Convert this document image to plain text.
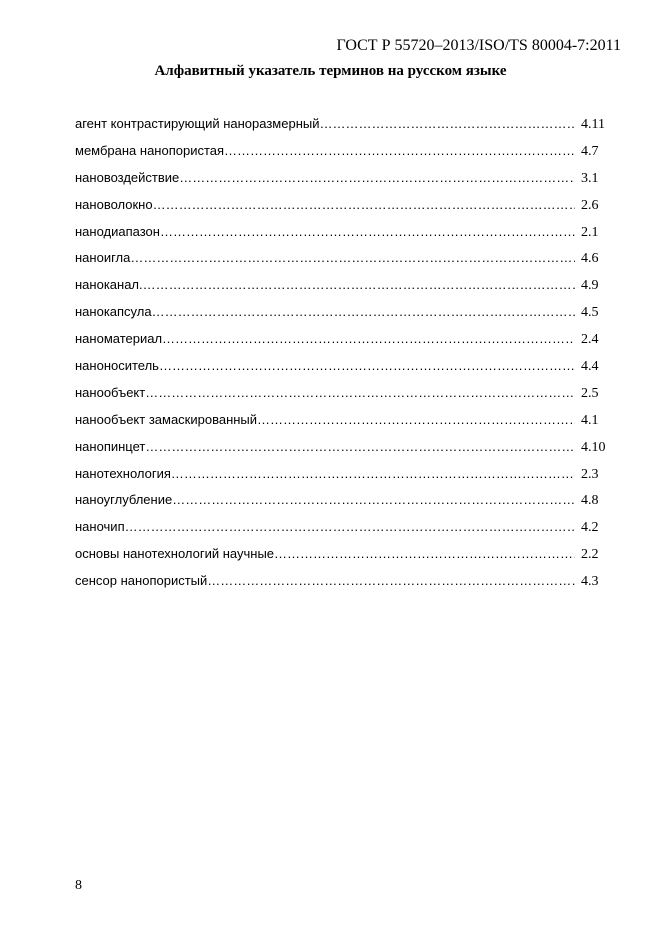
ГОСТ Р 55720–2013/ISO/TS 80004-7:2011
Алфавитный указатель терминов на русском языке
агент контрастирующий наноразмерный …………………………………………………………………………………………………………………………………………………………………………………………………………	4.11
мембрана нанопористая …………………………………………………………………………………………………………………………………………………………………………………………………………	4.7
нановоздействие …………………………………………………………………………………………………………………………………………………………………………………………………………	3.1
нановолокно …………………………………………………………………………………………………………………………………………………………………………………………………………	2.6
нанодиапазон …………………………………………………………………………………………………………………………………………………………………………………………………………	2.1
наноигла …………………………………………………………………………………………………………………………………………………………………………………………………………	4.6
наноканал. …………………………………………………………………………………………………………………………………………………………………………………………………………	4.9
нанокапсула …………………………………………………………………………………………………………………………………………………………………………………………………………	4.5
наноматериал …………………………………………………………………………………………………………………………………………………………………………………………………………	2.4
наноноситель …………………………………………………………………………………………………………………………………………………………………………………………………………	4.4
нанообъект …………………………………………………………………………………………………………………………………………………………………………………………………………	2.5
нанообъект замаскированный …………………………………………………………………………………………………………………………………………………………………………………………………………	4.1
нанопинцет …………………………………………………………………………………………………………………………………………………………………………………………………………	4.10
нанотехнология …………………………………………………………………………………………………………………………………………………………………………………………………………	2.3
наноуглубление …………………………………………………………………………………………………………………………………………………………………………………………………………	4.8
наночип …………………………………………………………………………………………………………………………………………………………………………………………………………	4.2
основы нанотехнологий научные …………………………………………………………………………………………………………………………………………………………………………………………………………	2.2
сенсор нанопористый …………………………………………………………………………………………………………………………………………………………………………………………………………	4.3
8
